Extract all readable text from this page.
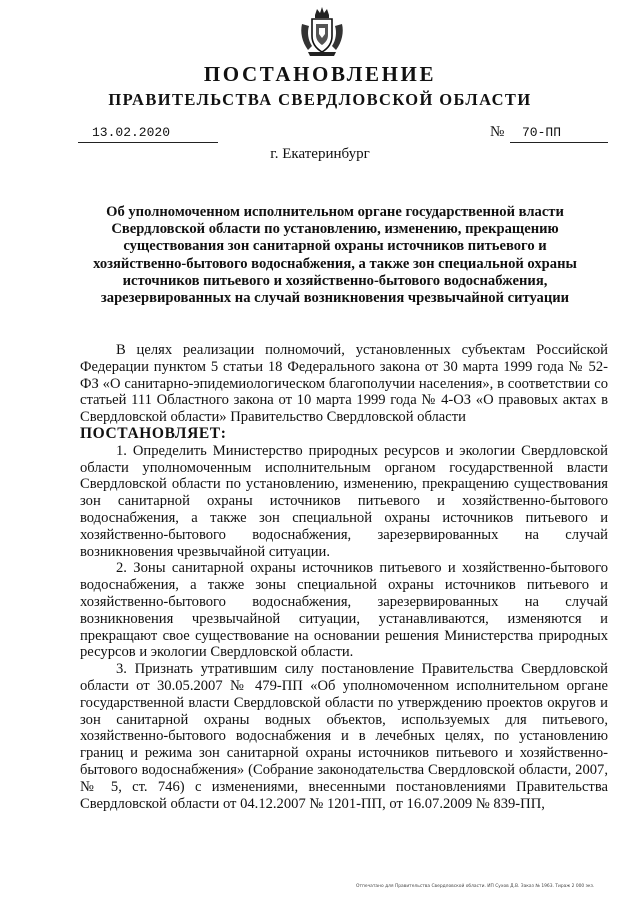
ПОСТАНОВЛЕНИЕ
ПРАВИТЕЛЬСТВА СВЕРДЛОВСКОЙ ОБЛАСТИ
13.02.2020	№ 70-ПП
г. Екатеринбург
Об уполномоченном исполнительном органе государственной власти Свердловской области по установлению, изменению, прекращению существования зон санитарной охраны источников питьевого и хозяйственно-бытового водоснабжения, а также зон специальной охраны источников питьевого и хозяйственно-бытового водоснабжения, зарезервированных на случай возникновения чрезвычайной ситуации

В целях реализации полномочий, установленных субъектам Российской Федерации пунктом 5 статьи 18 Федерального закона от 30 марта 1999 года № 52-ФЗ «О санитарно-эпидемиологическом благополучии населения», в соответствии со статьей 111 Областного закона от 10 марта 1999 года № 4-ОЗ «О правовых актах в Свердловской области» Правительство Свердловской области

ПОСТАНОВЛЯЕТ:

1. Определить Министерство природных ресурсов и экологии Свердловской области уполномоченным исполнительным органом государственной власти Свердловской области по установлению, изменению, прекращению существования зон санитарной охраны источников питьевого и хозяйственно-бытового водоснабжения, а также зон специальной охраны источников питьевого и хозяйственно-бытового водоснабжения, зарезервированных на случай возникновения чрезвычайной ситуации.

2. Зоны санитарной охраны источников питьевого и хозяйственно-бытового водоснабжения, а также зоны специальной охраны источников питьевого и хозяйственно-бытового водоснабжения, зарезервированных на случай возникновения чрезвычайной ситуации, устанавливаются, изменяются и прекращают свое существование на основании решения Министерства природных ресурсов и экологии Свердловской области.

3. Признать утратившим силу постановление Правительства Свердловской области от 30.05.2007 № 479-ПП «Об уполномоченном исполнительном органе государственной власти Свердловской области по утверждению проектов округов и зон санитарной охраны водных объектов, используемых для питьевого, хозяйственно-бытового водоснабжения и в лечебных целях, по установлению границ и режима зон санитарной охраны источников питьевого и хозяйственно-бытового водоснабжения» (Собрание законодательства Свердловской области, 2007, № 5, ст. 746) с изменениями, внесенными постановлениями Правительства Свердловской области от 04.12.2007 № 1201-ПП, от 16.07.2009 № 839-ПП,

Отпечатано для Правительства Свердловской области. ИП Сухов Д.В. Заказ № 1963. Тираж 2 000 экз.
